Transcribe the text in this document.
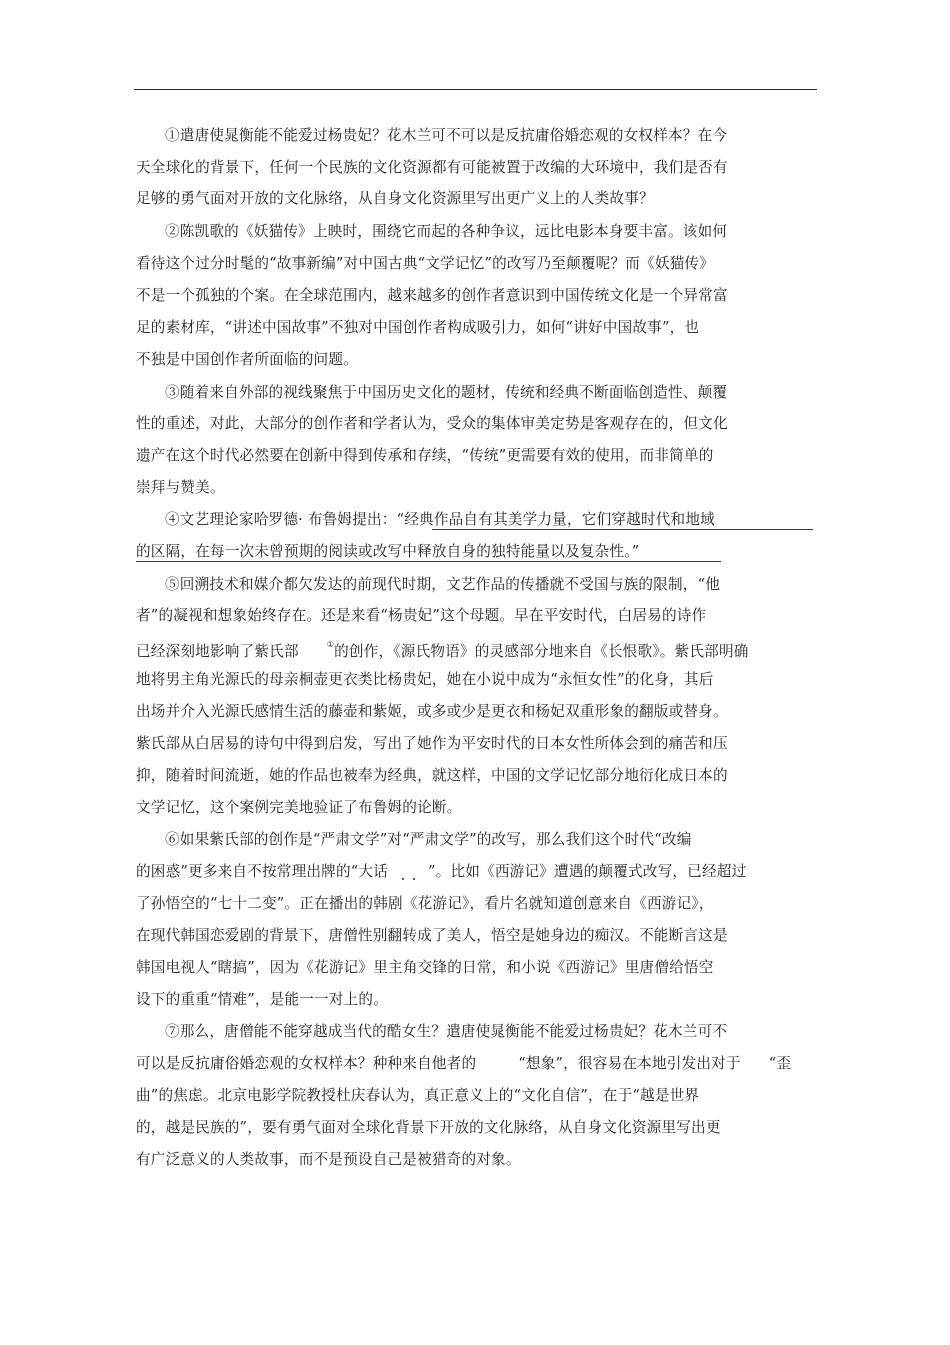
①遣唐使晁衡能不能爱过杨贵妃？花木兰可不可以是反抗庸俗婚恋观的女权样本？在今
天全球化的背景下，任何一个民族的文化资源都有可能被置于改编的大环境中，我们是否有
足够的勇气面对开放的文化脉络，从自身文化资源里写出更广义上的人类故事？
②陈凯歌的《妖猫传》上映时，围绕它而起的各种争议，远比电影本身要丰富。该如何
看待这个过分时髦的“故事新编”对中国古典“文学记忆”的改写乃至颠覆呢？而《妖猫传》
不是一个孤独的个案。在全球范围内，越来越多的创作者意识到中国传统文化是一个异常富
足的素材库，“讲述中国故事”不独对中国创作者构成吸引力，如何“讲好中国故事”，也
不独是中国创作者所面临的问题。
③随着来自外部的视线聚焦于中国历史文化的题材，传统和经典不断面临创造性、颠覆
性的重述，对此，大部分的创作者和学者认为，受众的集体审美定势是客观存在的，但文化
遗产在这个时代必然要在创新中得到传承和存续，“传统”更需要有效的使用，而非简单的
崇拜与赞美。
④文艺理论家哈罗德· 布鲁姆提出：“经典作品自有其美学力量，它们穿越时代和地域
的区隔，在每一次未曾预期的阅读或改写中释放自身的独特能量以及复杂性。”
⑤回溯技术和媒介都欠发达的前现代时期，文艺作品的传播就不受国与族的限制，“他
者”的凝视和想象始终存在。还是来看“杨贵妃”这个母题。早在平安时代，白居易的诗作
已经深刻地影响了紫氏部	①的创作，《源氏物语》的灵感部分地来自《长恨歌》。紫氏部明确
地将男主角光源氏的母亲桐壶更衣类比杨贵妃，她在小说中成为“永恒女性”的化身，其后
出场并介入光源氏感情生活的藤壶和紫姬，或多或少是更衣和杨妃双重形象的翻版或替身。
紫氏部从白居易的诗句中得到启发，写出了她作为平安时代的日本女性所体会到的痛苦和压
抑，随着时间流逝，她的作品也被奉为经典，就这样，中国的文学记忆部分地衍化成日本的
文学记忆，这个案例完美地验证了布鲁姆的论断。
⑥如果紫氏部的创作是“严肃文学”对“严肃文学”的改写，那么我们这个时代“改编
的困惑”更多来自不按常理出牌的“大话	”。比如《西游记》遭遇的颠覆式改写，已经超过
了孙悟空的“七十二变”。正在播出的韩剧《花游记》，看片名就知道创意来自《西游记》，
在现代韩国恋爱剧的背景下，唐僧性别翻转成了美人，悟空是她身边的痴汉。不能断言这是
韩国电视人“瞎搞”，因为《花游记》里主角交锋的日常，和小说《西游记》里唐僧给悟空
设下的重重“情难”，是能一一对上的。
⑦那么，唐僧能不能穿越成当代的酷女生？遣唐使晁衡能不能爱过杨贵妃？花木兰可不
可以是反抗庸俗婚恋观的女权样本？种种来自他者的	“想象”，很容易在本地引发出对于 “歪
曲”的焦虑。北京电影学院教授杜庆春认为，真正意义上的“文化自信”，在于“越是世界
的，越是民族的”，要有勇气面对全球化背景下开放的文化脉络，从自身文化资源里写出更
有广泛意义的人类故事，而不是预设自己是被猎奇的对象。
